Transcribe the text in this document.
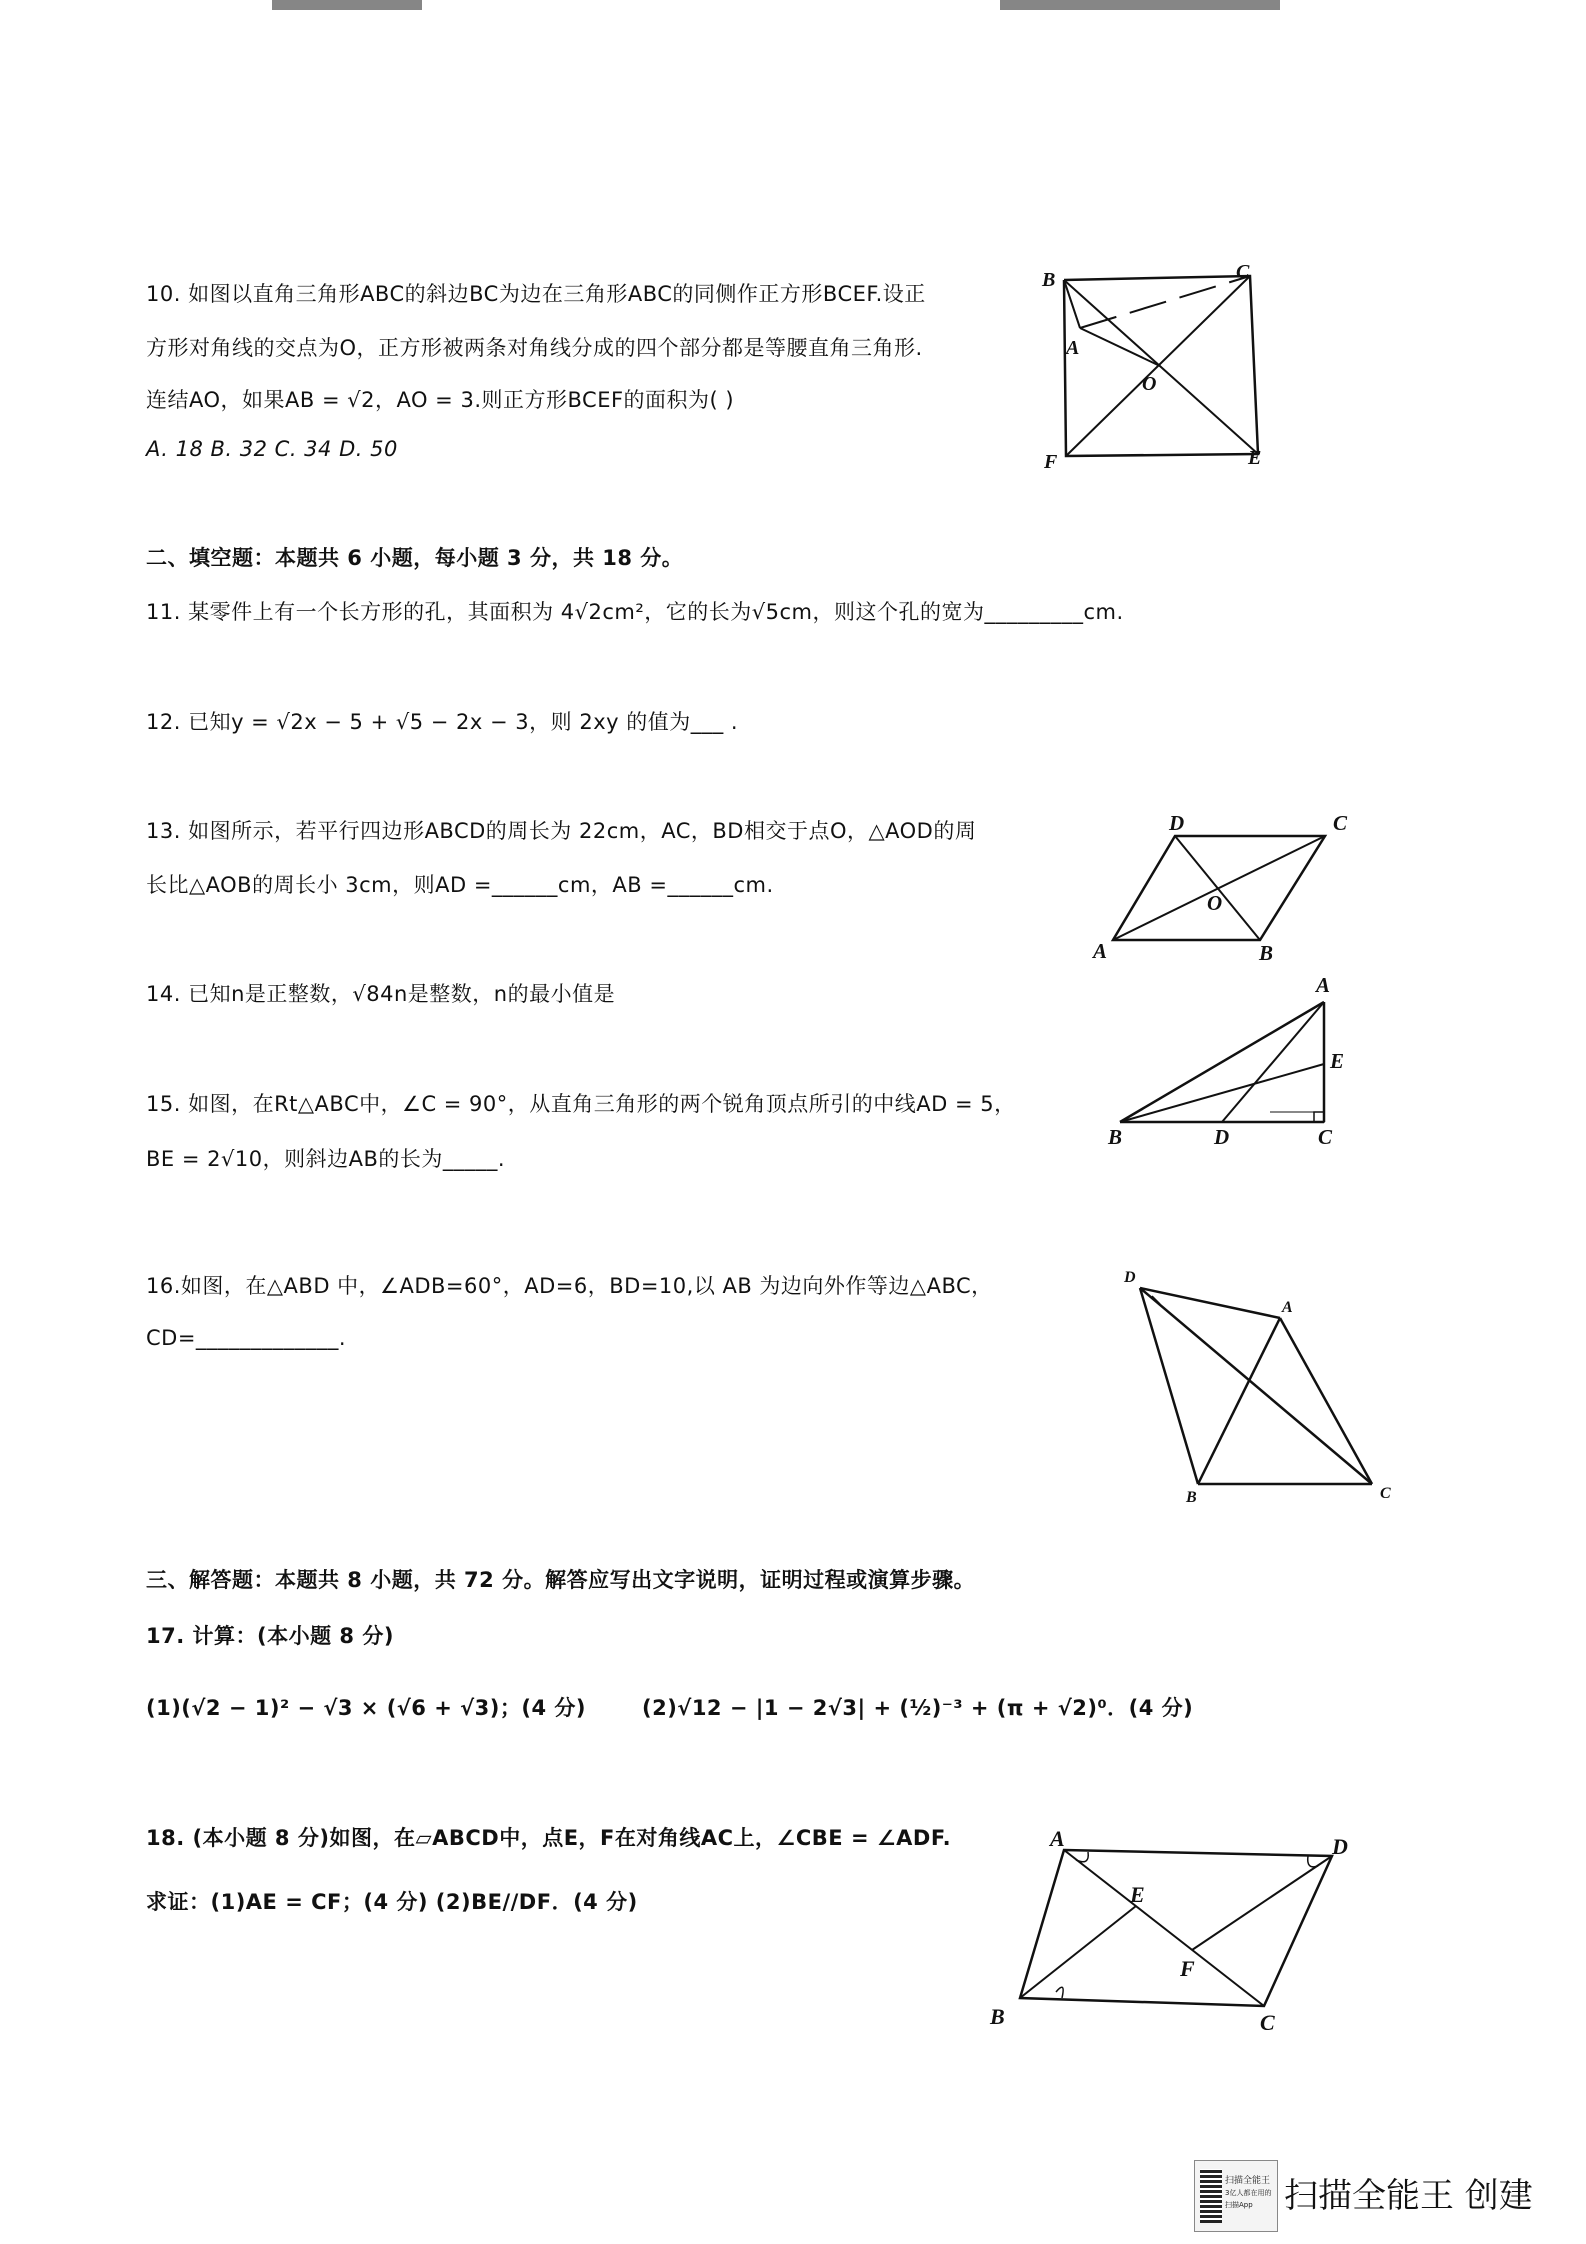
10. 如图以直角三角形ABC的斜边BC为边在三角形ABC的同侧作正方形BCEF.设正
方形对角线的交点为O，正方形被两条对角线分成的四个部分都是等腰直角三角形.
连结AO，如果AB = √2，AO = 3.则正方形BCEF的面积为( )
A. 18 B. 32 C. 34 D. 50
B	C
A
O
F	E
二、填空题：本题共 6 小题，每小题 3 分，共 18 分。
11. 某零件上有一个长方形的孔，其面积为 4√2cm²，它的长为√5cm，则这个孔的宽为_________cm.
12. 已知y = √2x − 5 + √5 − 2x − 3，则 2xy 的值为___ .
13. 如图所示，若平行四边形ABCD的周长为 22cm，AC，BD相交于点O，△AOD的周
长比△AOB的周长小 3cm，则AD =______cm，AB =______cm.
D	C
O
A	B
14. 已知n是正整数，√84n是整数，n的最小值是
15. 如图，在Rt△ABC中，∠C = 90°，从直角三角形的两个锐角顶点所引的中线AD = 5，
BE = 2√10，则斜边AB的长为_____.
A
E
B	D	C
16.如图，在△ABD 中，∠ADB=60°，AD=6，BD=10,以 AB 为边向外作等边△ABC，
CD=_____________.
D
A
B	C
三、解答题：本题共 8 小题，共 72 分。解答应写出文字说明，证明过程或演算步骤。
17. 计算：(本小题 8 分)
(1)(√2 − 1)² − √3 × (√6 + √3)；(4 分)	(2)√12 − |1 − 2√3| + (½)⁻³ + (π + √2)⁰．(4 分)
18. (本小题 8 分)如图，在▱ABCD中，点E，F在对角线AC上，∠CBE = ∠ADF.
求证：(1)AE = CF；(4 分) (2)BE//DF．(4 分)
A	D
E
F
B	C
扫描全能王
3亿人都在用的扫描App 扫描全能王 创建
